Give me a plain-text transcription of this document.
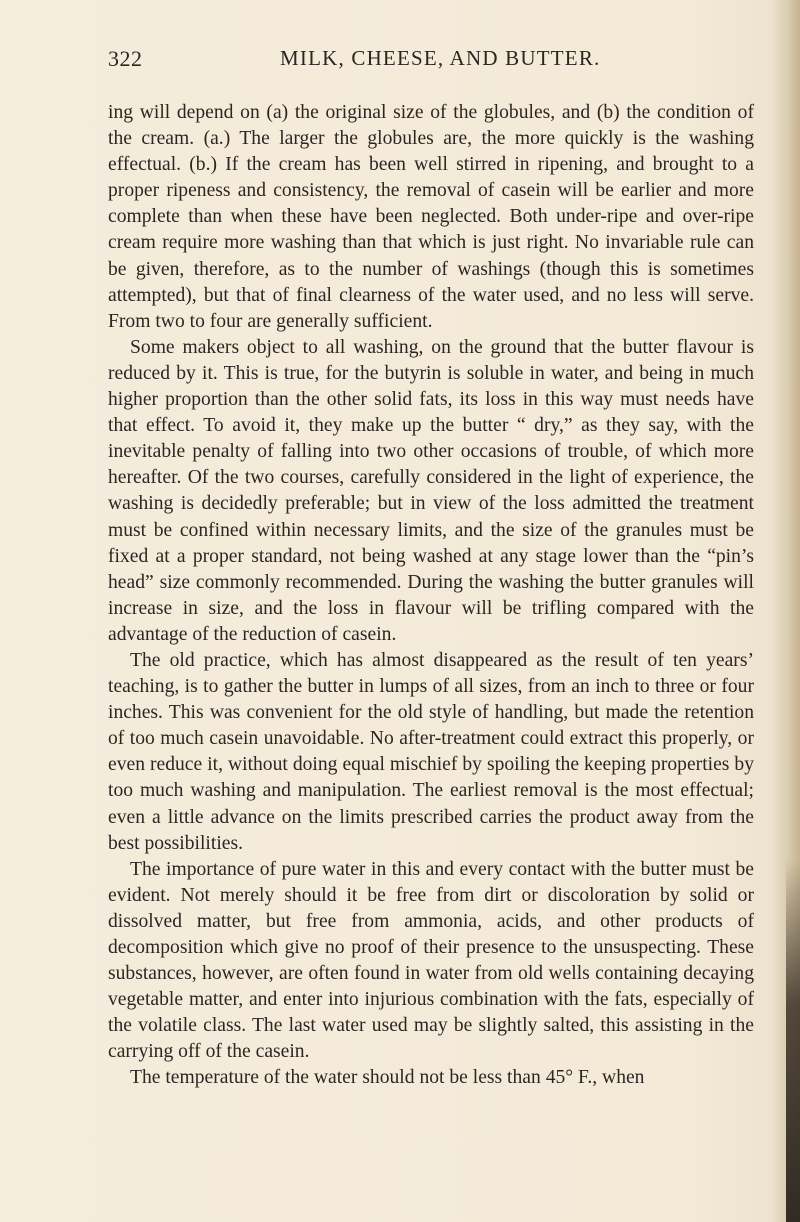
322	MILK, CHEESE, AND BUTTER.

ing will depend on (a) the original size of the globules, and (b) the condition of the cream. (a.) The larger the globules are, the more quickly is the washing effectual. (b.) If the cream has been well stirred in ripening, and brought to a proper ripeness and consistency, the removal of casein will be earlier and more complete than when these have been neglected. Both under-ripe and over-ripe cream require more washing than that which is just right. No invariable rule can be given, therefore, as to the number of washings (though this is sometimes attempted), but that of final clearness of the water used, and no less will serve. From two to four are generally sufficient.

Some makers object to all washing, on the ground that the butter flavour is reduced by it. This is true, for the butyrin is soluble in water, and being in much higher proportion than the other solid fats, its loss in this way must needs have that effect. To avoid it, they make up the butter “ dry,” as they say, with the inevitable penalty of falling into two other occasions of trouble, of which more hereafter. Of the two courses, carefully considered in the light of experience, the washing is decidedly preferable; but in view of the loss admitted the treatment must be confined within necessary limits, and the size of the granules must be fixed at a proper standard, not being washed at any stage lower than the “pin’s head” size commonly recommended. During the washing the butter granules will increase in size, and the loss in flavour will be trifling compared with the advantage of the reduction of casein.

The old practice, which has almost disappeared as the result of ten years’ teaching, is to gather the butter in lumps of all sizes, from an inch to three or four inches. This was convenient for the old style of handling, but made the retention of too much casein unavoidable. No after-treatment could extract this properly, or even reduce it, without doing equal mischief by spoiling the keeping properties by too much washing and manipulation. The earliest removal is the most effectual; even a little advance on the limits prescribed carries the product away from the best possibilities.

The importance of pure water in this and every contact with the butter must be evident. Not merely should it be free from dirt or discoloration by solid or dissolved matter, but free from ammonia, acids, and other products of decomposition which give no proof of their presence to the unsuspecting. These substances, however, are often found in water from old wells containing decaying vegetable matter, and enter into injurious combination with the fats, especially of the volatile class. The last water used may be slightly salted, this assisting in the carrying off of the casein.

The temperature of the water should not be less than 45° F., when
